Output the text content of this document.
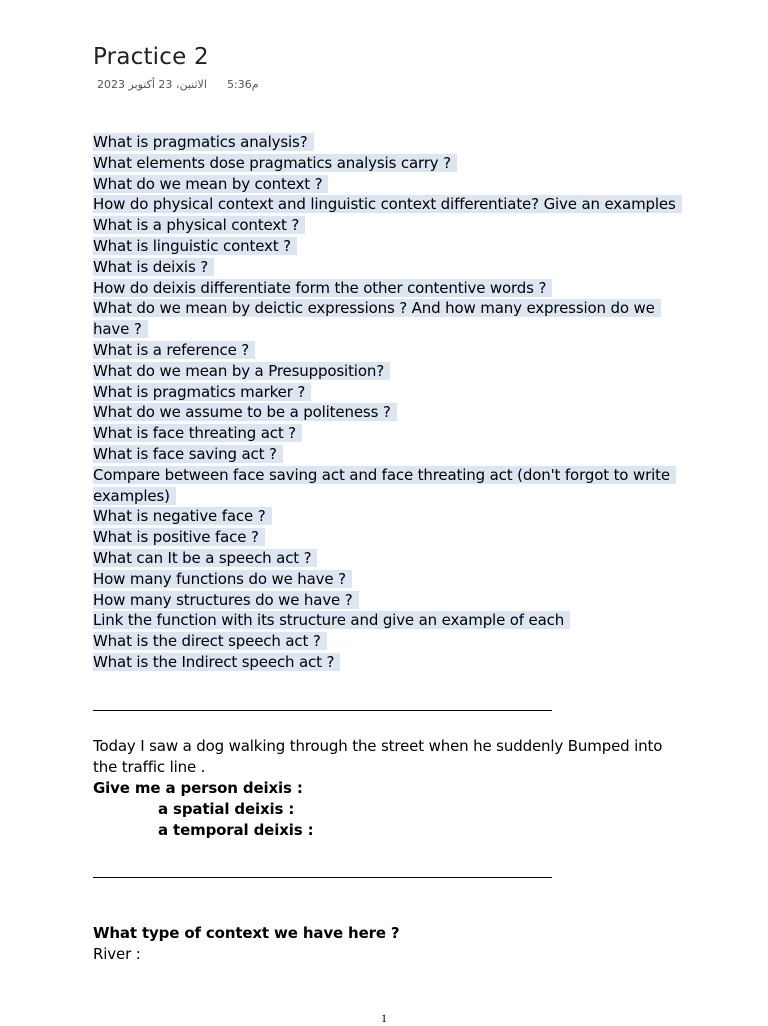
Practice 2
الاثنين، 23 أكتوبر 2023 5:36م
What is pragmatics analysis?
What elements dose pragmatics analysis carry ?
What do we mean by context ?
How do physical context and linguistic context differentiate? Give an examples
What is a physical context ?
What is linguistic context ?
What is deixis ?
How do deixis differentiate form the other contentive words ?
What do we mean by deictic expressions ? And how many expression do we
have ?
What is a reference ?
What do we mean by a Presupposition?
What is pragmatics marker ?
What do we assume to be a politeness ?
What is face threating act ?
What is face saving act ?
Compare between face saving act and face threating act (don't forgot to write
examples)
What is negative face ?
What is positive face ?
What can It be a speech act ?
How many functions do we have ?
How many structures do we have ?
Link the function with its structure and give an example of each
What is the direct speech act ?
What is the Indirect speech act ?
Today I saw a dog walking through the street when he suddenly Bumped into
the traffic line .
Give me a person deixis :
a spatial deixis :
a temporal deixis :
What type of context we have here ?
River :
1
